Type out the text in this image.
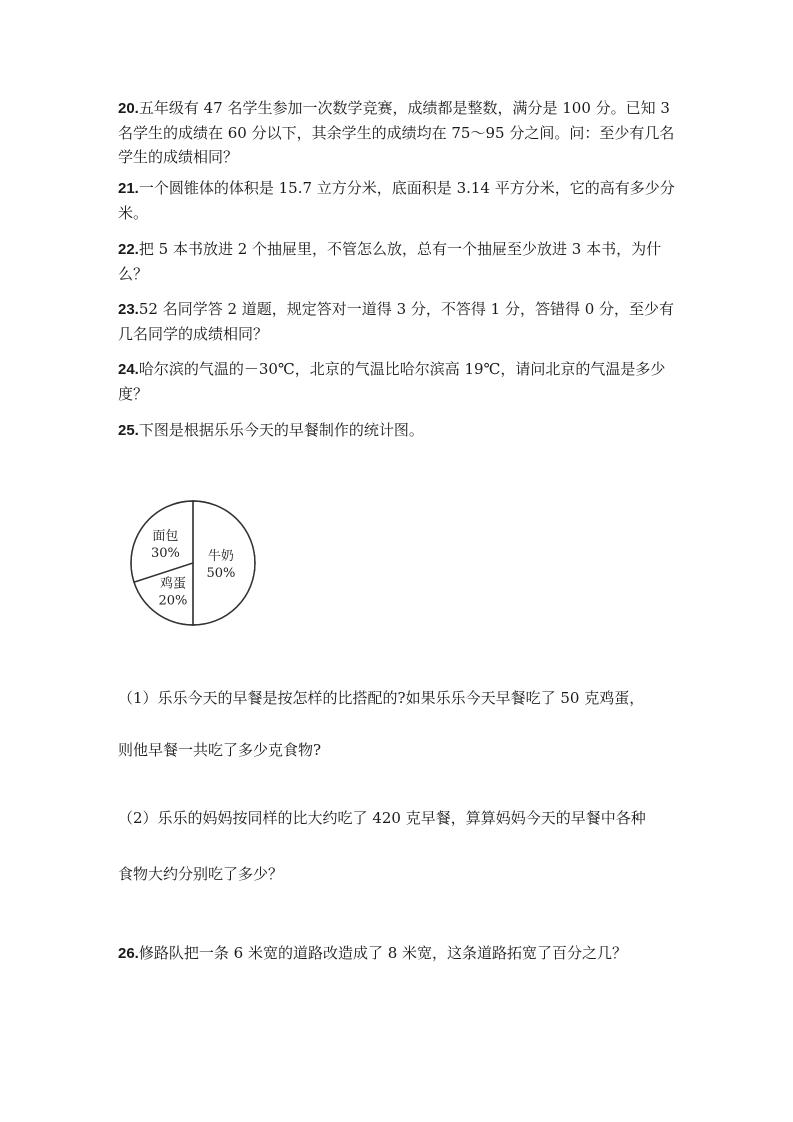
20.五年级有 47 名学生参加一次数学竞赛，成绩都是整数，满分是 100 分。已知 3 名学生的成绩在 60 分以下，其余学生的成绩均在 75～95 分之间。问：至少有几名学生的成绩相同？

21.一个圆锥体的体积是 15.7 立方分米，底面积是 3.14 平方分米，它的高有多少分米。

22.把 5 本书放进 2 个抽屉里，不管怎么放，总有一个抽屉至少放进 3 本书，为什么？

23.52 名同学答 2 道题，规定答对一道得 3 分，不答得 1 分，答错得 0 分，至少有几名同学的成绩相同？

24.哈尔滨的气温的－30℃，北京的气温比哈尔滨高 19℃，请问北京的气温是多少度？

25.下图是根据乐乐今天的早餐制作的统计图。

牛奶
50%
鸡蛋
20%
面包
30%

（1）乐乐今天的早餐是按怎样的比搭配的?如果乐乐今天早餐吃了 50 克鸡蛋，

则他早餐一共吃了多少克食物?

（2）乐乐的妈妈按同样的比大约吃了 420 克早餐，算算妈妈今天的早餐中各种

食物大约分别吃了多少？

26.修路队把一条 6 米宽的道路改造成了 8 米宽，这条道路拓宽了百分之几？
